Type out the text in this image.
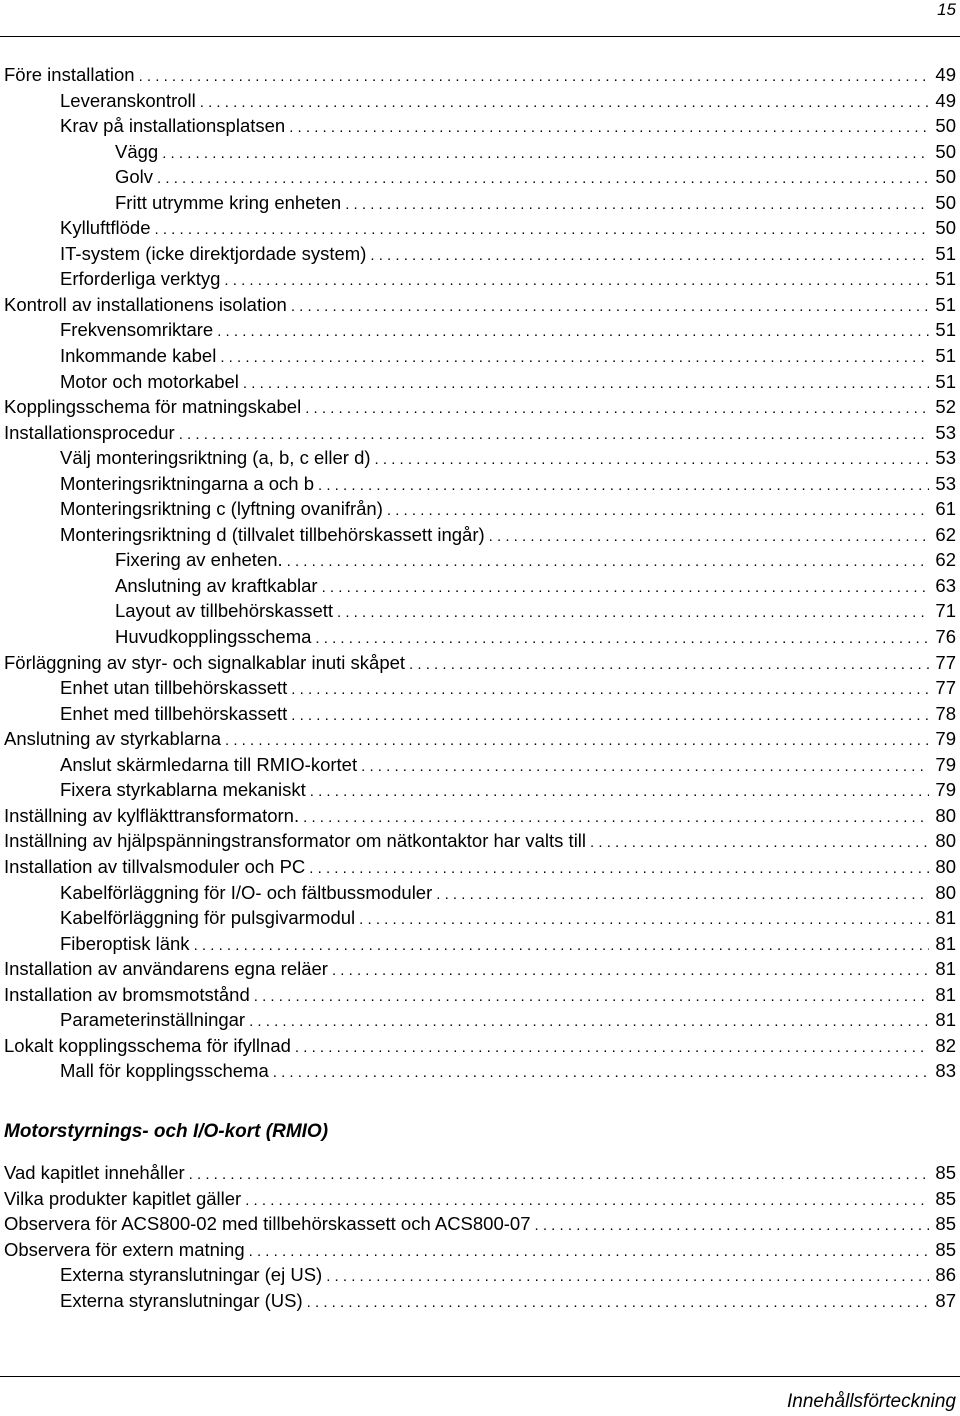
15
Före installation . . .	49
Leveranskontroll . . .	49
Krav på installationsplatsen . . .	50
Vägg . . .	50
Golv . . .	50
Fritt utrymme kring enheten . . .	50
Kylluftflöde . . .	50
IT-system (icke direktjordade system) . . .	51
Erforderliga verktyg . . .	51
Kontroll av installationens isolation . . .	51
Frekvensomriktare . . .	51
Inkommande kabel . . .	51
Motor och motorkabel . . .	51
Kopplingsschema för matningskabel . . .	52
Installationsprocedur . . .	53
Välj monteringsriktning (a, b, c eller d) . . .	53
Monteringsriktningarna a och b . . .	53
Monteringsriktning c (lyftning ovanifrån) . . .	61
Monteringsriktning d (tillvalet tillbehörskassett ingår) . . .	62
Fixering av enheten. . . .	62
Anslutning av kraftkablar . . .	63
Layout av tillbehörskassett . . .	71
Huvudkopplingsschema . . .	76
Förläggning av styr- och signalkablar inuti skåpet . . .	77
Enhet utan tillbehörskassett . . .	77
Enhet med tillbehörskassett . . .	78
Anslutning av styrkablarna . . .	79
Anslut skärmledarna till RMIO-kortet . . .	79
Fixera styrkablarna mekaniskt . . .	79
Inställning av kylfläkttransformatorn. . . .	80
Inställning av hjälpspänningstransformator om nätkontaktor har valts till . . .	80
Installation av tillvalsmoduler och PC . . .	80
Kabelförläggning för I/O- och fältbussmoduler . . .	80
Kabelförläggning för pulsgivarmodul . . .	81
Fiberoptisk länk . . .	81
Installation av användarens egna reläer . . .	81
Installation av bromsmotstånd . . .	81
Parameterinställningar . . .	81
Lokalt kopplingsschema för ifyllnad . . .	82
Mall för kopplingsschema . . .	83
Motorstyrnings- och I/O-kort (RMIO)
Vad kapitlet innehåller . . .	85
Vilka produkter kapitlet gäller . . .	85
Observera för ACS800-02 med tillbehörskassett och ACS800-07 . . .	85
Observera för extern matning . . .	85
Externa styranslutningar (ej US) . . .	86
Externa styranslutningar (US) . . .	87
Innehållsförteckning
